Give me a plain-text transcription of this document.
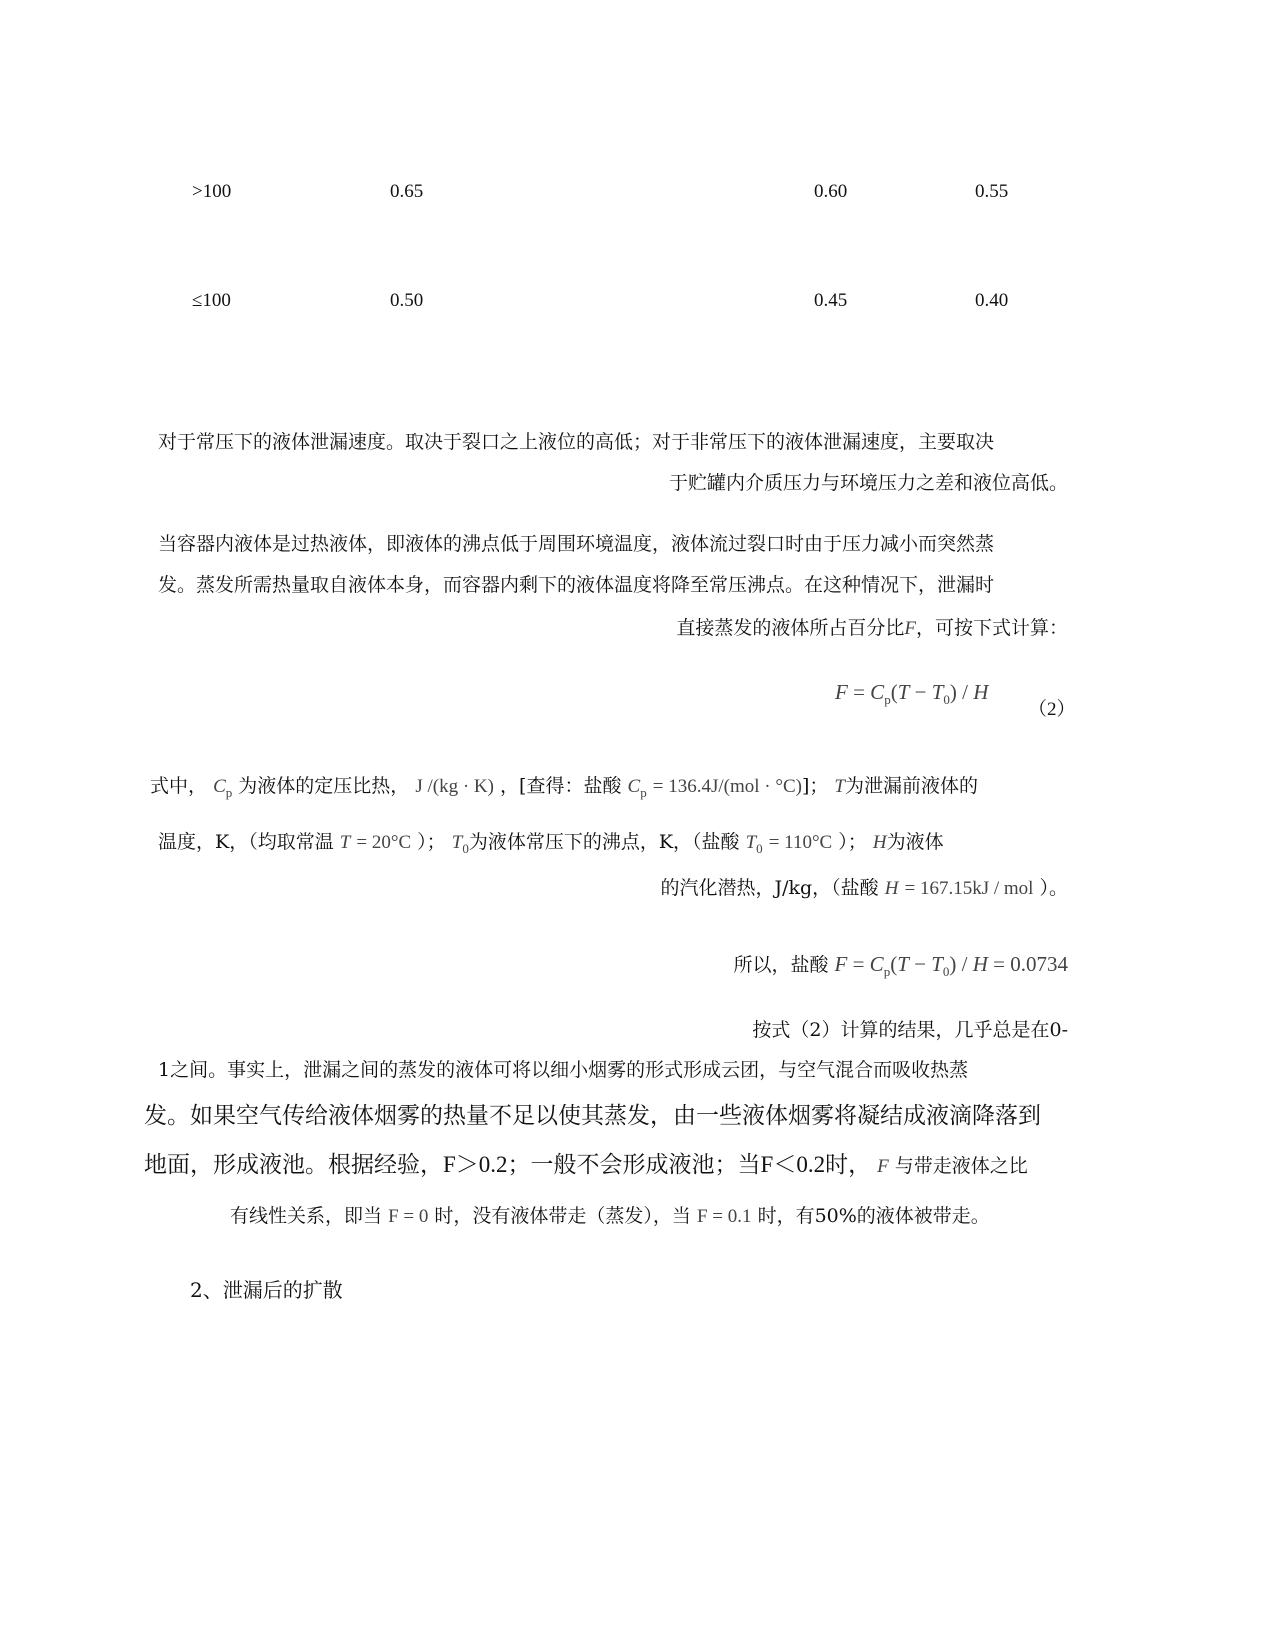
>100	0.65	0.60	0.55
≤100	0.50	0.45	0.40
对于常压下的液体泄漏速度。取决于裂口之上液位的高低；对于非常压下的液体泄漏速度，主要取决
于贮罐内介质压力与环境压力之差和液位高低。
当容器内液体是过热液体，即液体的沸点低于周围环境温度，液体流过裂口时由于压力减小而突然蒸
发。蒸发所需热量取自液体本身，而容器内剩下的液体温度将降至常压沸点。在这种情况下，泄漏时
直接蒸发的液体所占百分比F，可按下式计算：
$F = C_p(T - T_0) / H$
（2）
式中， $C_p$ 为液体的定压比热， J /(kg · K) ，[查得：盐酸 $C_p = 136.4J/(mol \cdot ^\circ C)$]； T为泄漏前液体的
温度，K，（均取常温 T = 20°C ）； $T_0$为液体常压下的沸点，K，（盐酸 $T_0 = 110^\circ C$ ）； H为液体
的汽化潜热，J/kg，（盐酸 H = 167.15kJ / mol ）。
所以，盐酸 $F = C_p(T - T_0) / H = 0.0734$
按式（2）计算的结果，几乎总是在0-
1之间。事实上，泄漏之间的蒸发的液体可将以细小烟雾的形式形成云团，与空气混合而吸收热蒸
发。如果空气传给液体烟雾的热量不足以使其蒸发，由一些液体烟雾将凝结成液滴降落到
地面，形成液池。根据经验，F＞0.2；一般不会形成液池；当F＜0.2时， F 与带走液体之比
有线性关系，即当 F = 0 时，没有液体带走（蒸发），当 F = 0.1 时，有50%的液体被带走。
2、泄漏后的扩散
